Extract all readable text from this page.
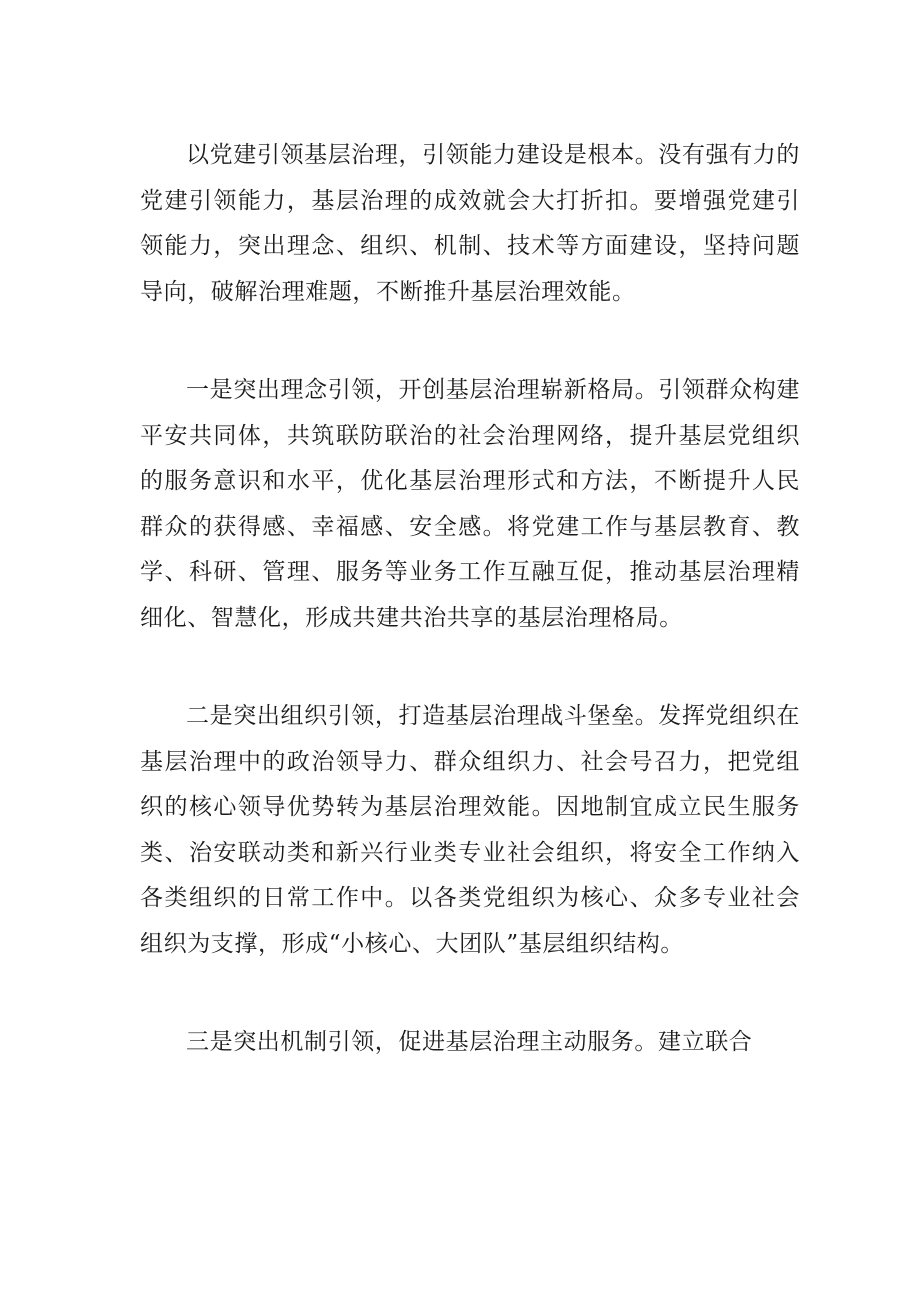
以党建引领基层治理，引领能力建设是根本。没有强有力的党建引领能力，基层治理的成效就会大打折扣。要增强党建引领能力，突出理念、组织、机制、技术等方面建设，坚持问题导向，破解治理难题，不断推升基层治理效能。

一是突出理念引领，开创基层治理崭新格局。引领群众构建平安共同体，共筑联防联治的社会治理网络，提升基层党组织的服务意识和水平，优化基层治理形式和方法，不断提升人民群众的获得感、幸福感、安全感。将党建工作与基层教育、教学、科研、管理、服务等业务工作互融互促，推动基层治理精细化、智慧化，形成共建共治共享的基层治理格局。

二是突出组织引领，打造基层治理战斗堡垒。发挥党组织在基层治理中的政治领导力、群众组织力、社会号召力，把党组织的核心领导优势转为基层治理效能。因地制宜成立民生服务类、治安联动类和新兴行业类专业社会组织，将安全工作纳入各类组织的日常工作中。以各类党组织为核心、众多专业社会组织为支撑，形成“小核心、大团队”基层组织结构。

三是突出机制引领，促进基层治理主动服务。建立联合
